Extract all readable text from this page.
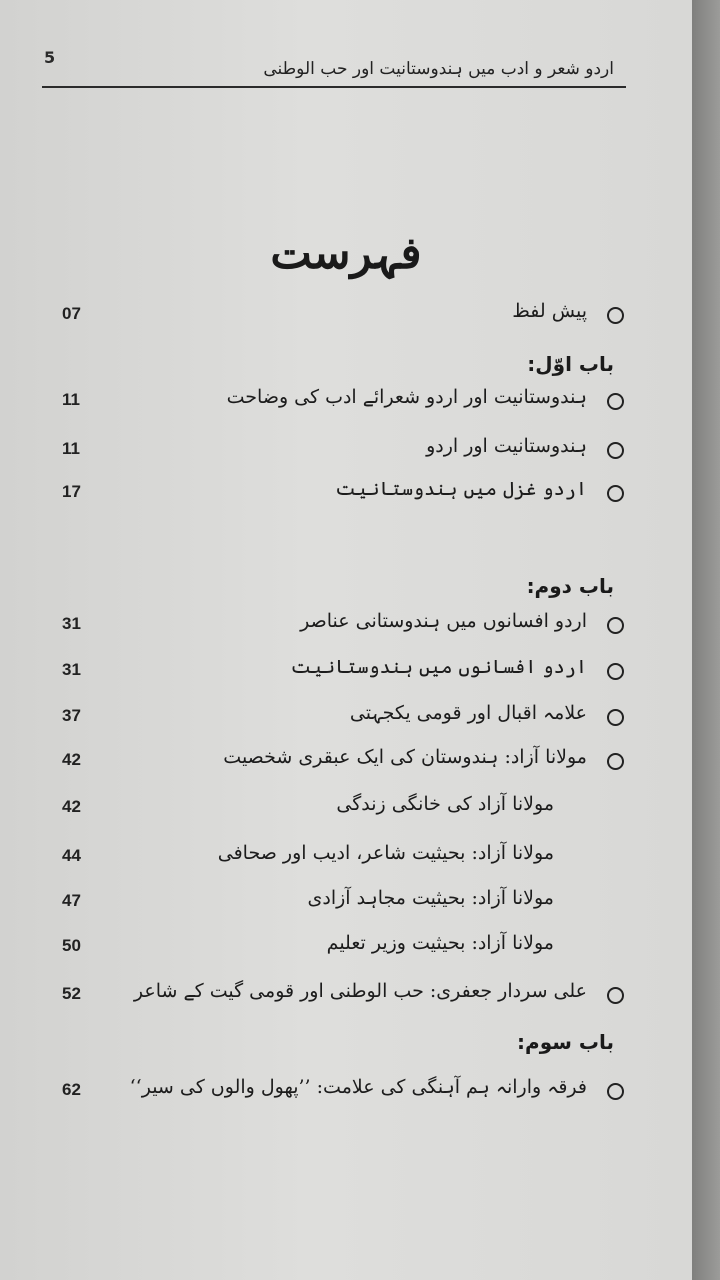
5
اردو شعر و ادب میں ہندوستانیت اور حب الوطنی
فہرست
07	پیش لفظ
باب اوّل:
11	ہندوستانیت اور اردو شعرائے ادب کی وضاحت
11	ہندوستانیت اور اردو
17	اردو غزل میں ہندوستانیت
باب دوم:
31	اردو افسانوں میں ہندوستانی عناصر
31	اردو افسانوں میں ہندوستانیت
37	علامہ اقبال اور قومی یکجہتی
42	مولانا آزاد: ہندوستان کی ایک عبقری شخصیت
42	مولانا آزاد کی خانگی زندگی
44	مولانا آزاد: بحیثیت شاعر، ادیب اور صحافی
47	مولانا آزاد: بحیثیت مجاہد آزادی
50	مولانا آزاد: بحیثیت وزیر تعلیم
52	علی سردار جعفری: حب الوطنی اور قومی گیت کے شاعر
باب سوم:
62	فرقہ وارانہ ہم آہنگی کی علامت: ’’پھول والوں کی سیر‘‘
